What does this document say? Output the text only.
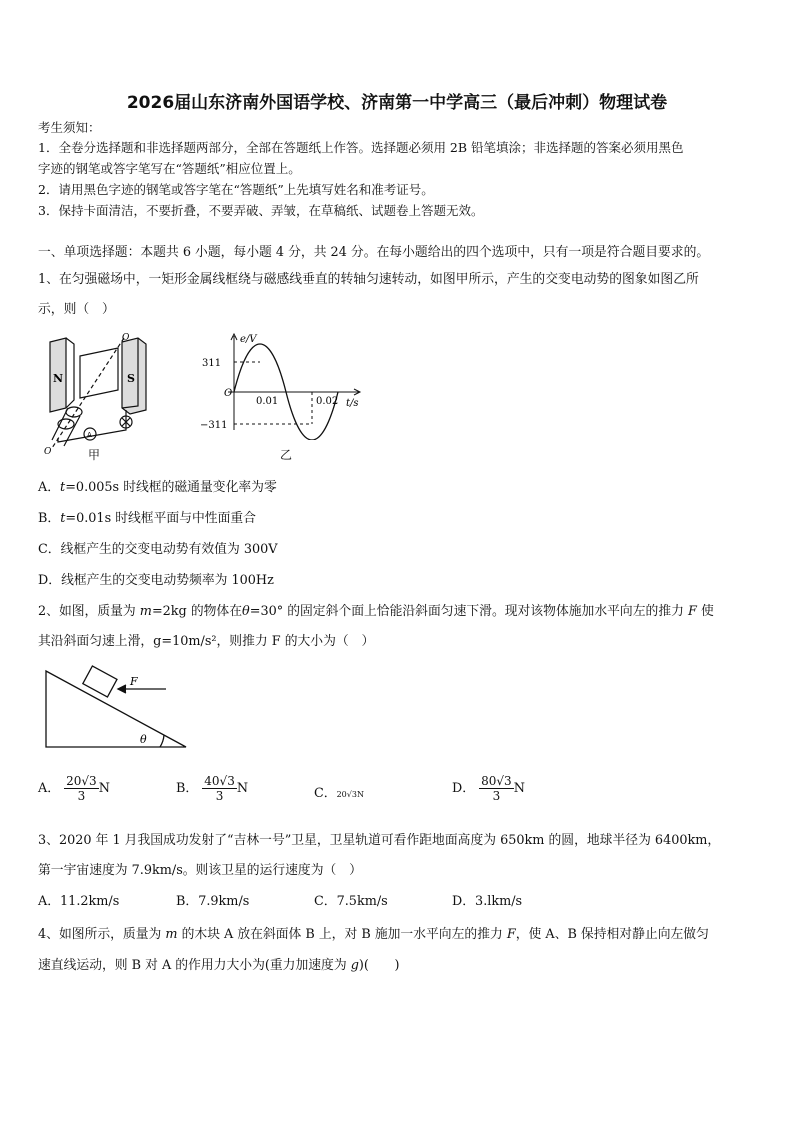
2026届山东济南外国语学校、济南第一中学高三（最后冲刺）物理试卷
考生须知：
1．全卷分选择题和非选择题两部分，全部在答题纸上作答。选择题必须用 2B 铅笔填涂；非选择题的答案必须用黑色
字迹的钢笔或答字笔写在“答题纸”相应位置上。
2．请用黑色字迹的钢笔或答字笔在“答题纸”上先填写姓名和准考证号。
3．保持卡面清洁，不要折叠，不要弄破、弄皱，在草稿纸、试题卷上答题无效。
一、单项选择题：本题共 6 小题，每小题 4 分，共 24 分。在每小题给出的四个选项中，只有一项是符合题目要求的。
1、在匀强磁场中，一矩形金属线框绕与磁感线垂直的转轴匀速转动，如图甲所示，产生的交变电动势的图象如图乙所
示，则（　）
N	S
O
O
A
甲
e/V
311
O
0.01	0.02 t/s
−311
乙
A．t=0.005s 时线框的磁通量变化率为零
B．t=0.01s 时线框平面与中性面重合
C．线框产生的交变电动势有效值为 300V
D．线框产生的交变电动势频率为 100Hz
2、如图，质量为 m=2kg 的物体在θ=30° 的固定斜个面上恰能沿斜面匀速下滑。现对该物体施加水平向左的推力 F 使
其沿斜面匀速上滑，g=10m/s²，则推力 F 的大小为（　）
F
θ
A． $\frac{20√3}{3}$ N	B． $\frac{40√3}{3}$ N	C．20√3N	D． $\frac{80√3}{3}$ N
3、2020 年 1 月我国成功发射了“吉林一号”卫星，卫星轨道可看作距地面高度为 650km 的圆，地球半径为 6400km，
第一宇宙速度为 7.9km/s。则该卫星的运行速度为（　）
A．11.2km/s	B．7.9km/s	C．7.5km/s	D．3.lkm/s
4、如图所示，质量为 m 的木块 A 放在斜面体 B 上，对 B 施加一水平向左的推力 F，使 A、B 保持相对静止向左做匀
速直线运动，则 B 对 A 的作用力大小为(重力加速度为 g)(　　)
